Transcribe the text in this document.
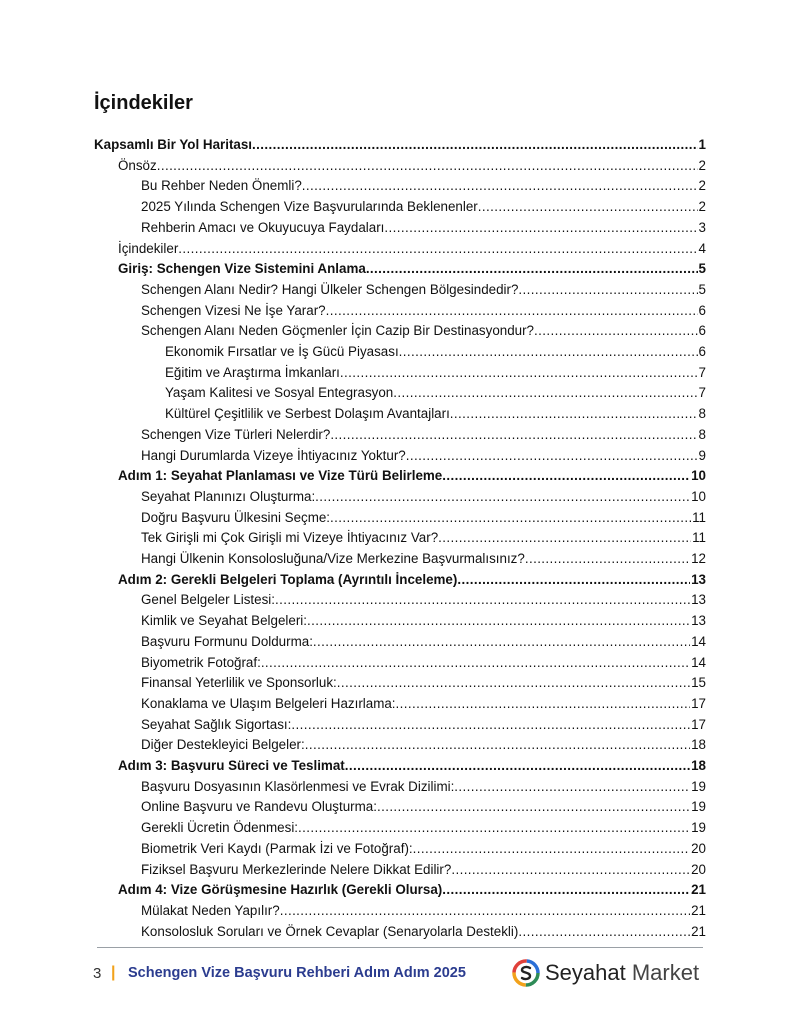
İçindekiler
Kapsamlı Bir Yol Haritası .....	1
Önsöz .....	2
Bu Rehber Neden Önemli? .....	2
2025 Yılında Schengen Vize Başvurularında Beklenenler .....	2
Rehberin Amacı ve Okuyucuya Faydaları .....	3
İçindekiler .....	4
Giriş: Schengen Vize Sistemini Anlama .....	5
Schengen Alanı Nedir? Hangi Ülkeler Schengen Bölgesindedir? .....	5
Schengen Vizesi Ne İşe Yarar? .....	6
Schengen Alanı Neden Göçmenler İçin Cazip Bir Destinasyondur? .....	6
Ekonomik Fırsatlar ve İş Gücü Piyasası .....	6
Eğitim ve Araştırma İmkanları .....	7
Yaşam Kalitesi ve Sosyal Entegrasyon .....	7
Kültürel Çeşitlilik ve Serbest Dolaşım Avantajları .....	8
Schengen Vize Türleri Nelerdir? .....	8
Hangi Durumlarda Vizeye İhtiyacınız Yoktur? .....	9
Adım 1: Seyahat Planlaması ve Vize Türü Belirleme .....	10
Seyahat Planınızı Oluşturma: .....	10
Doğru Başvuru Ülkesini Seçme: .....	11
Tek Girişli mi Çok Girişli mi Vizeye İhtiyacınız Var? .....	11
Hangi Ülkenin Konsolosluğuna/Vize Merkezine Başvurmalısınız? .....	12
Adım 2: Gerekli Belgeleri Toplama (Ayrıntılı İnceleme) .....	13
Genel Belgeler Listesi: .....	13
Kimlik ve Seyahat Belgeleri: .....	13
Başvuru Formunu Doldurma: .....	14
Biyometrik Fotoğraf: .....	14
Finansal Yeterlilik ve Sponsorluk: .....	15
Konaklama ve Ulaşım Belgeleri Hazırlama: .....	17
Seyahat Sağlık Sigortası: .....	17
Diğer Destekleyici Belgeler: .....	18
Adım 3: Başvuru Süreci ve Teslimat .....	18
Başvuru Dosyasının Klasörlenmesi ve Evrak Dizilimi: .....	19
Online Başvuru ve Randevu Oluşturma: .....	19
Gerekli Ücretin Ödenmesi: .....	19
Biometrik Veri Kaydı (Parmak İzi ve Fotoğraf): .....	20
Fiziksel Başvuru Merkezlerinde Nelere Dikkat Edilir? .....	20
Adım 4: Vize Görüşmesine Hazırlık (Gerekli Olursa) .....	21
Mülakat Neden Yapılır? .....	21
Konsolosluk Soruları ve Örnek Cevaplar (Senaryolarla Destekli) .....	21
3 | Schengen Vize Başvuru Rehberi Adım Adım 2025	Seyahat Market
